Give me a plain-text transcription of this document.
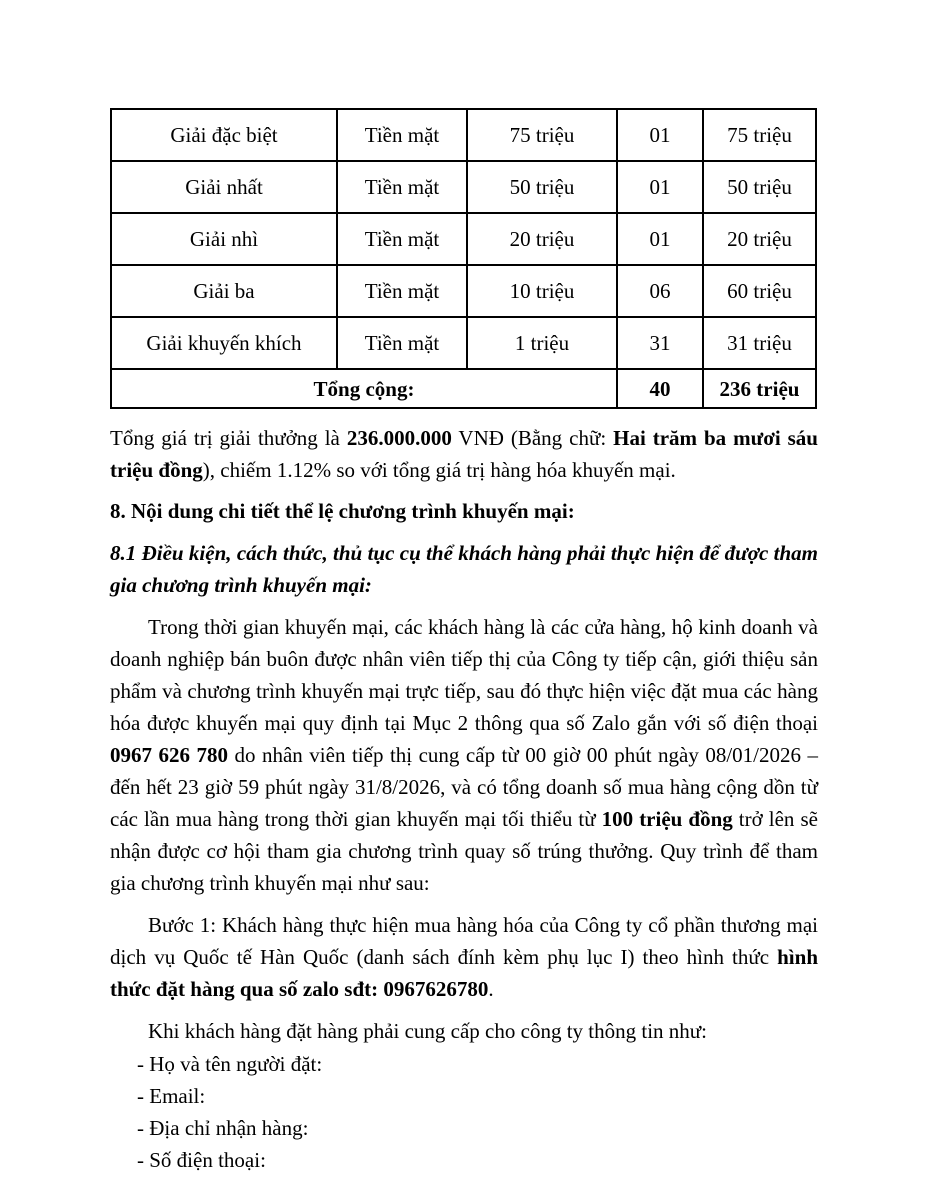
Giải đặc biệt	Tiền mặt	75 triệu	01	75 triệu
Giải nhất	Tiền mặt	50 triệu	01	50 triệu
Giải nhì	Tiền mặt	20 triệu	01	20 triệu
Giải ba	Tiền mặt	10 triệu	06	60 triệu
Giải khuyến khích	Tiền mặt	1 triệu	31	31 triệu
Tổng cộng:			40	236 triệu

Tổng giá trị giải thưởng là 236.000.000 VNĐ (Bằng chữ: Hai trăm ba mươi sáu triệu đồng), chiếm 1.12% so với tổng giá trị hàng hóa khuyến mại.

8. Nội dung chi tiết thể lệ chương trình khuyến mại:

8.1 Điều kiện, cách thức, thủ tục cụ thể khách hàng phải thực hiện để được tham gia chương trình khuyến mại:

Trong thời gian khuyến mại, các khách hàng là các cửa hàng, hộ kinh doanh và doanh nghiệp bán buôn được nhân viên tiếp thị của Công ty tiếp cận, giới thiệu sản phẩm và chương trình khuyến mại trực tiếp, sau đó thực hiện việc đặt mua các hàng hóa được khuyến mại quy định tại Mục 2 thông qua số Zalo gắn với số điện thoại 0967 626 780 do nhân viên tiếp thị cung cấp từ 00 giờ 00 phút ngày 08/01/2026 – đến hết 23 giờ 59 phút ngày 31/8/2026, và có tổng doanh số mua hàng cộng dồn từ các lần mua hàng trong thời gian khuyến mại tối thiểu từ 100 triệu đồng trở lên sẽ nhận được cơ hội tham gia chương trình quay số trúng thưởng. Quy trình để tham gia chương trình khuyến mại như sau:

Bước 1: Khách hàng thực hiện mua hàng hóa của Công ty cổ phần thương mại dịch vụ Quốc tế Hàn Quốc (danh sách đính kèm phụ lục I) theo hình thức hình thức đặt hàng qua số zalo sđt: 0967626780.

Khi khách hàng đặt hàng phải cung cấp cho công ty thông tin như:

- Họ và tên người đặt:
- Email:
- Địa chỉ nhận hàng:
- Số điện thoại:
